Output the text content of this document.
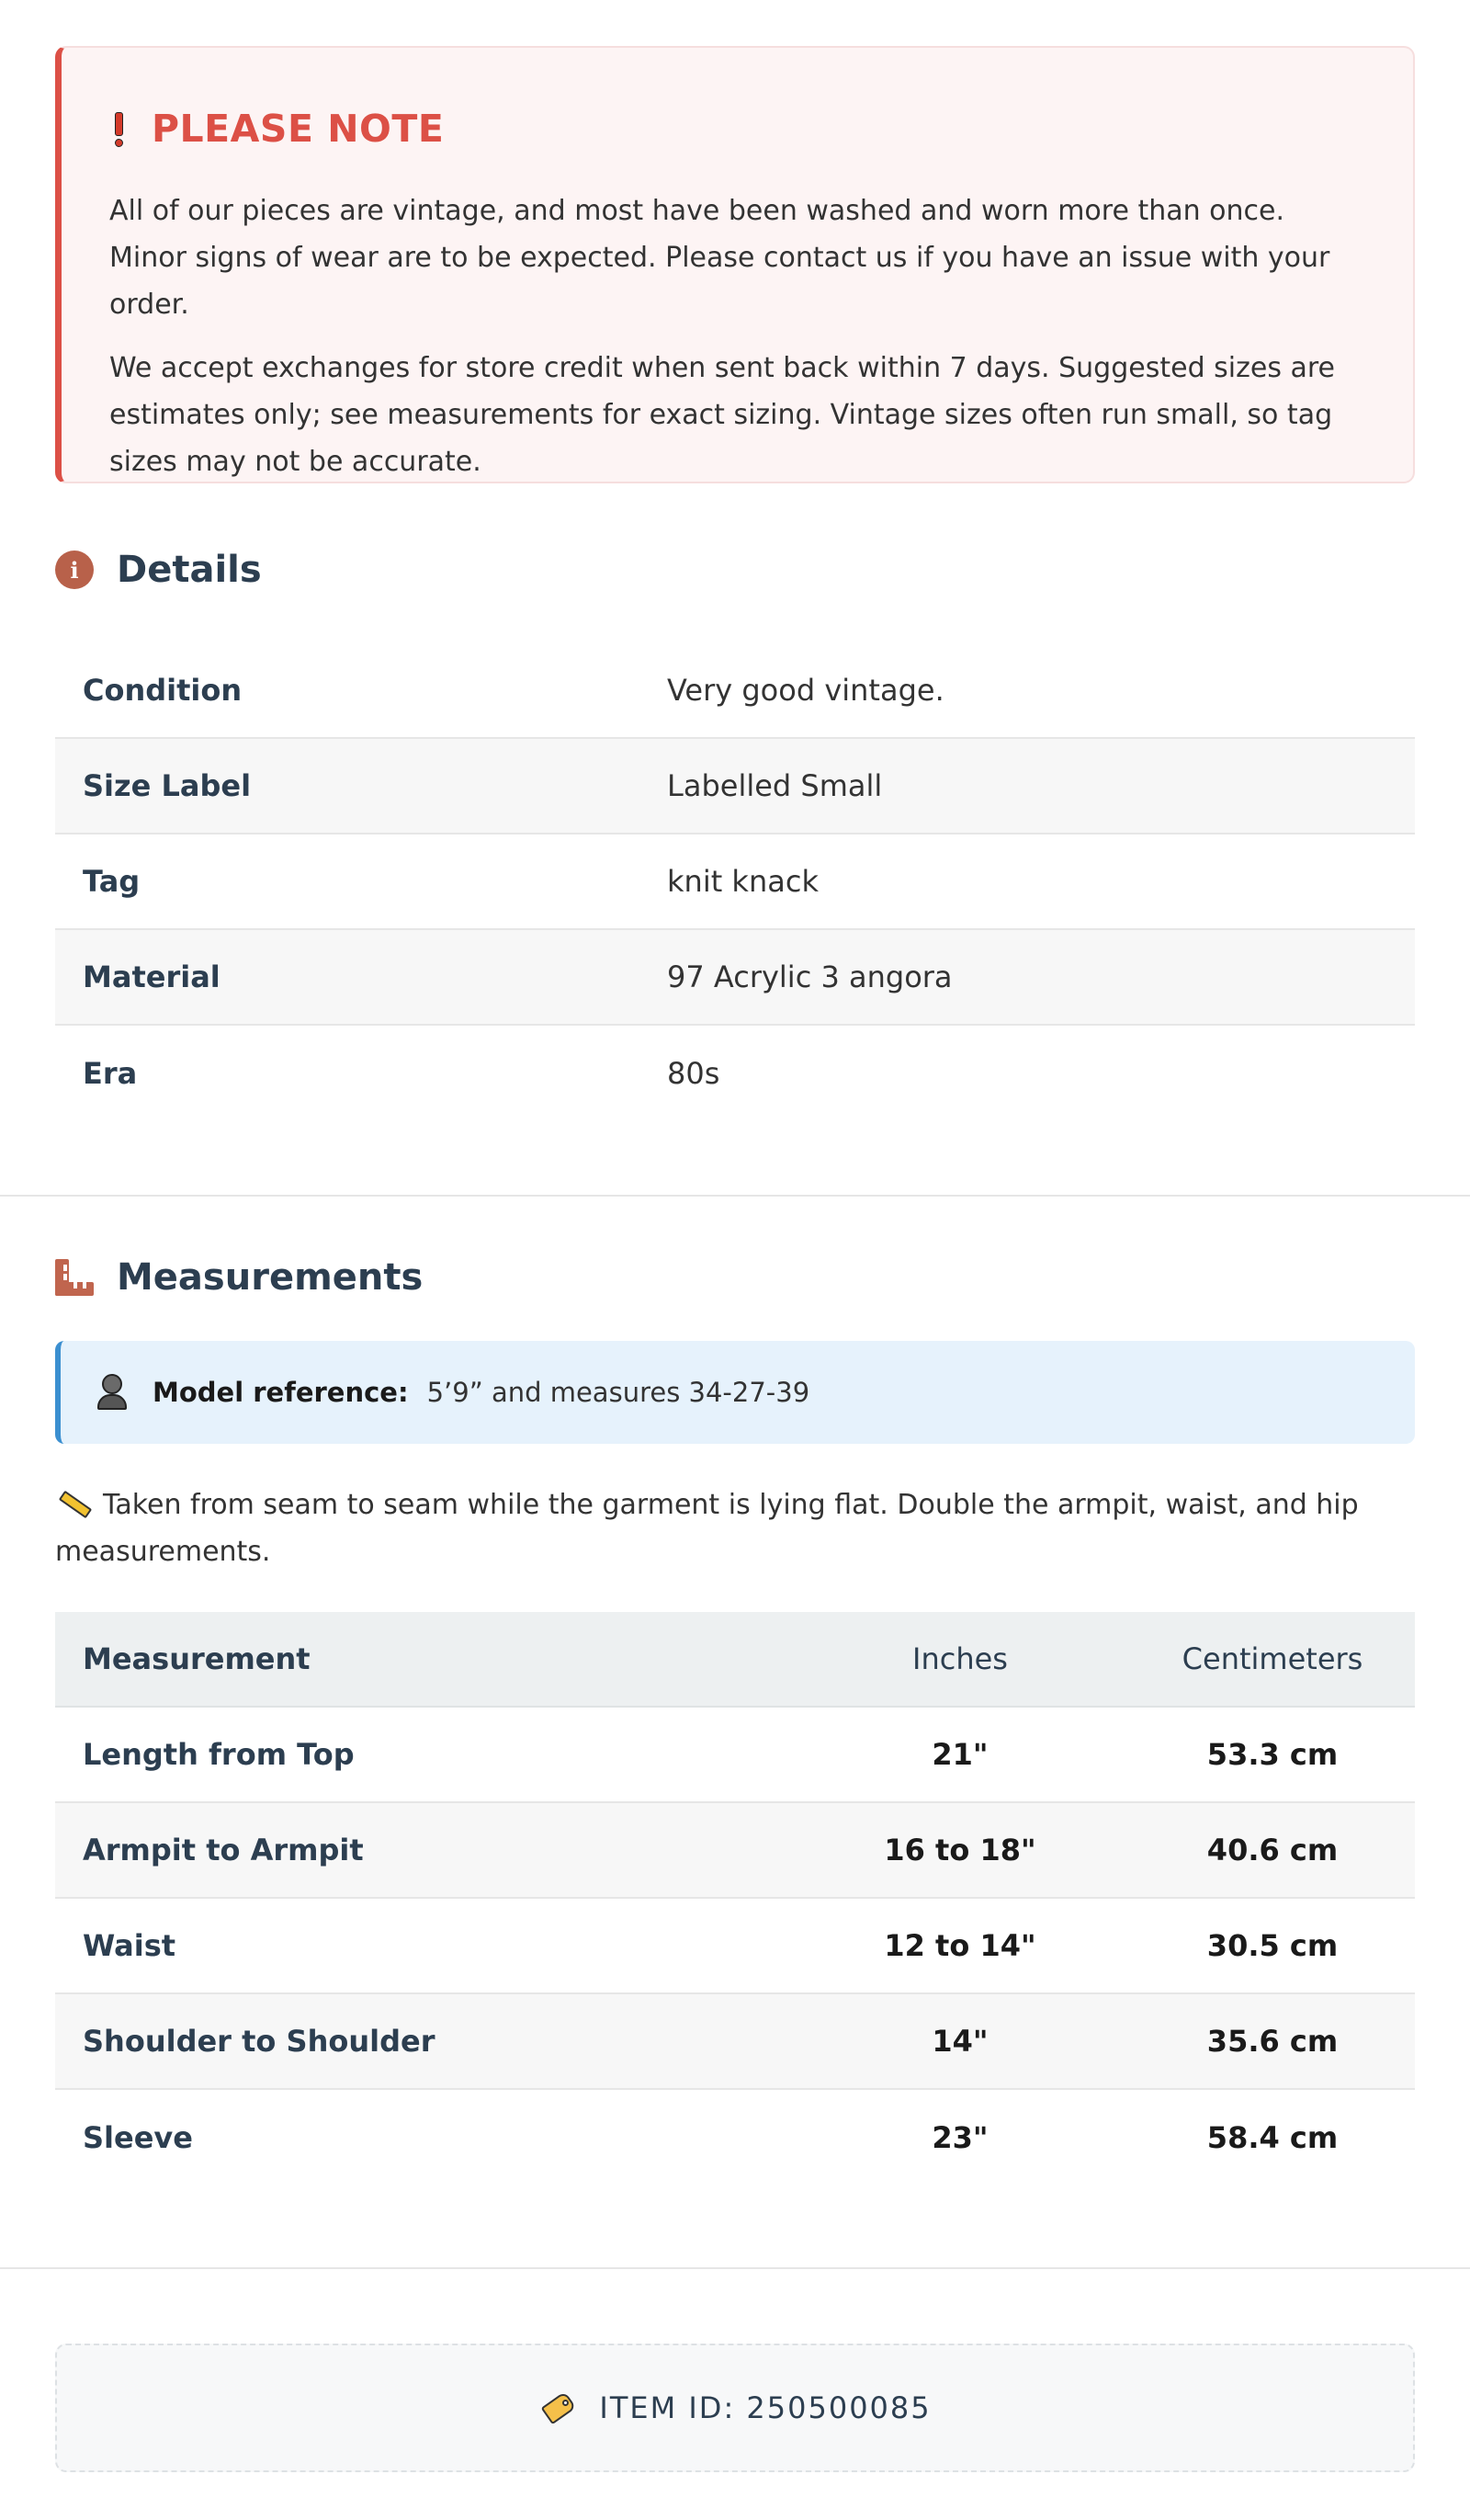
PLEASE NOTE

All of our pieces are vintage, and most have been washed and worn more than once. Minor signs of wear are to be expected. Please contact us if you have an issue with your order.

We accept exchanges for store credit when sent back within 7 days. Suggested sizes are estimates only; see measurements for exact sizing. Vintage sizes often run small, so tag sizes may not be accurate.

i	Details
Condition	Very good vintage.
Size Label	Labelled Small
Tag	knit knack
Material	97 Acrylic 3 angora
Era	80s
Measurements
Model reference: 5’9” and measures 34-27-39

Taken from seam to seam while the garment is lying flat. Double the armpit, waist, and hip measurements.

Measurement	Inches	Centimeters
Length from Top	21"	53.3 cm
Armpit to Armpit	16 to 18"	40.6 cm
Waist	12 to 14"	30.5 cm
Shoulder to Shoulder	14"	35.6 cm
Sleeve	23"	58.4 cm
ITEM ID: 250500085
